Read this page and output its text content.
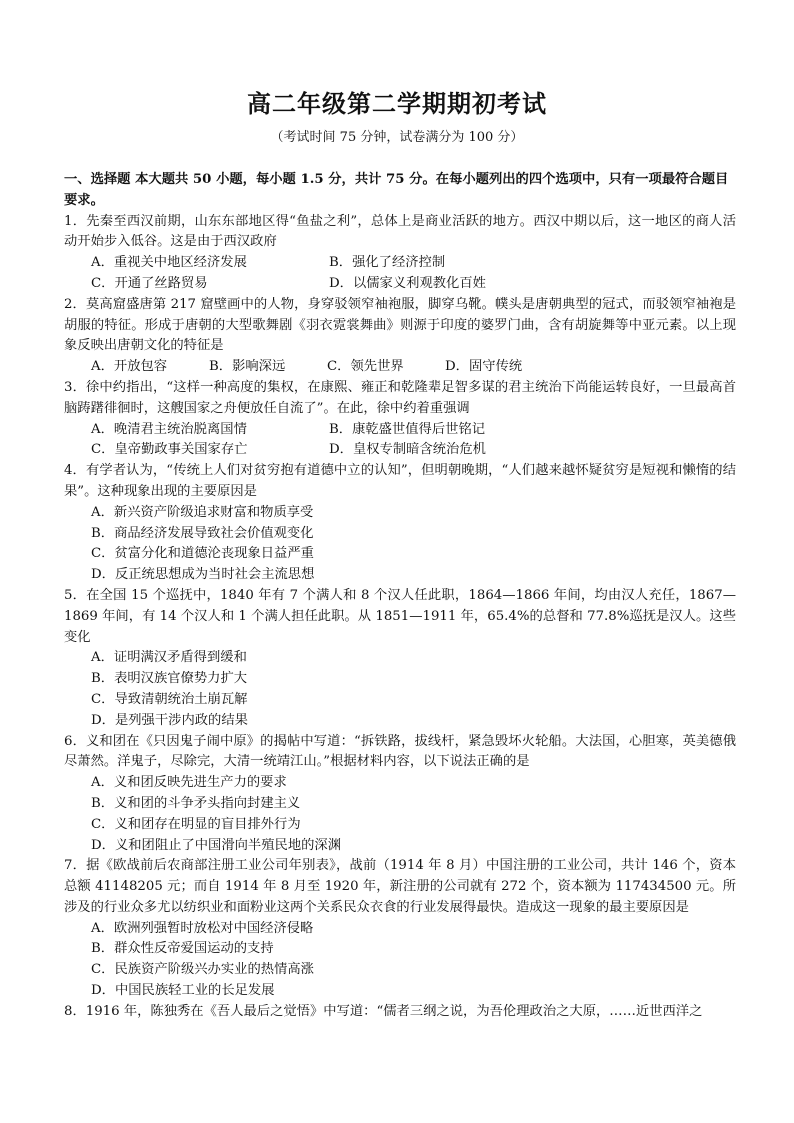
高二年级第二学期期初考试
（考试时间 75 分钟，试卷满分为 100 分）

一、选择题 本大题共 50 小题，每小题 1.5 分，共计 75 分。在每小题列出的四个选项中，只有一项最符合题目要求。

1．先秦至西汉前期，山东东部地区得“鱼盐之利”，总体上是商业活跃的地方。西汉中期以后，这一地区的商人活动开始步入低谷。这是由于西汉政府

A．重视关中地区经济发展	B．强化了经济控制
C．开通了丝路贸易	D．以儒家义利观教化百姓

2．莫高窟盛唐第 217 窟壁画中的人物，身穿驳领窄袖袍服，脚穿乌靴。幞头是唐朝典型的冠式，而驳领窄袖袍是胡服的特征。形成于唐朝的大型歌舞剧《羽衣霓裳舞曲》则源于印度的婆罗门曲，含有胡旋舞等中亚元素。以上现象反映出唐朝文化的特征是

A．开放包容	B．影响深远	C．领先世界	D．固守传统

3．徐中约指出，“这样一种高度的集权，在康熙、雍正和乾隆辈足智多谋的君主统治下尚能运转良好，一旦最高首脑踌躇徘徊时，这艘国家之舟便放任自流了”。在此，徐中约着重强调

A．晚清君主统治脱离国情	B．康乾盛世值得后世铭记
C．皇帝勤政事关国家存亡	D．皇权专制暗含统治危机

4．有学者认为，“传统上人们对贫穷抱有道德中立的认知”，但明朝晚期，“人们越来越怀疑贫穷是短视和懒惰的结果”。这种现象出现的主要原因是

A．新兴资产阶级追求财富和物质享受

B．商品经济发展导致社会价值观变化

C．贫富分化和道德沦丧现象日益严重

D．反正统思想成为当时社会主流思想

5．在全国 15 个巡抚中，1840 年有 7 个满人和 8 个汉人任此职，1864—1866 年间，均由汉人充任，1867—1869 年间，有 14 个汉人和 1 个满人担任此职。从 1851—1911 年，65.4%的总督和 77.8%巡抚是汉人。这些变化

A．证明满汉矛盾得到缓和

B．表明汉族官僚势力扩大

C．导致清朝统治土崩瓦解

D．是列强干涉内政的结果

6．义和团在《只因鬼子闹中原》的揭帖中写道：“拆铁路，拔线杆，紧急毁坏火轮船。大法国，心胆寒，英美德俄尽萧然。洋鬼子，尽除完，大清一统靖江山。”根据材料内容，以下说法正确的是

A．义和团反映先进生产力的要求

B．义和团的斗争矛头指向封建主义

C．义和团存在明显的盲目排外行为

D．义和团阻止了中国滑向半殖民地的深渊

7．据《欧战前后农商部注册工业公司年别表》，战前（1914 年 8 月）中国注册的工业公司，共计 146 个，资本总额 41148205 元；而自 1914 年 8 月至 1920 年，新注册的公司就有 272 个，资本额为 117434500 元。所涉及的行业众多尤以纺织业和面粉业这两个关系民众衣食的行业发展得最快。造成这一现象的最主要原因是

A．欧洲列强暂时放松对中国经济侵略

B．群众性反帝爱国运动的支持

C．民族资产阶级兴办实业的热情高涨

D．中国民族轻工业的长足发展

8．1916 年，陈独秀在《吾人最后之觉悟》中写道：“儒者三纲之说，为吾伦理政治之大原，……近世西洋之
